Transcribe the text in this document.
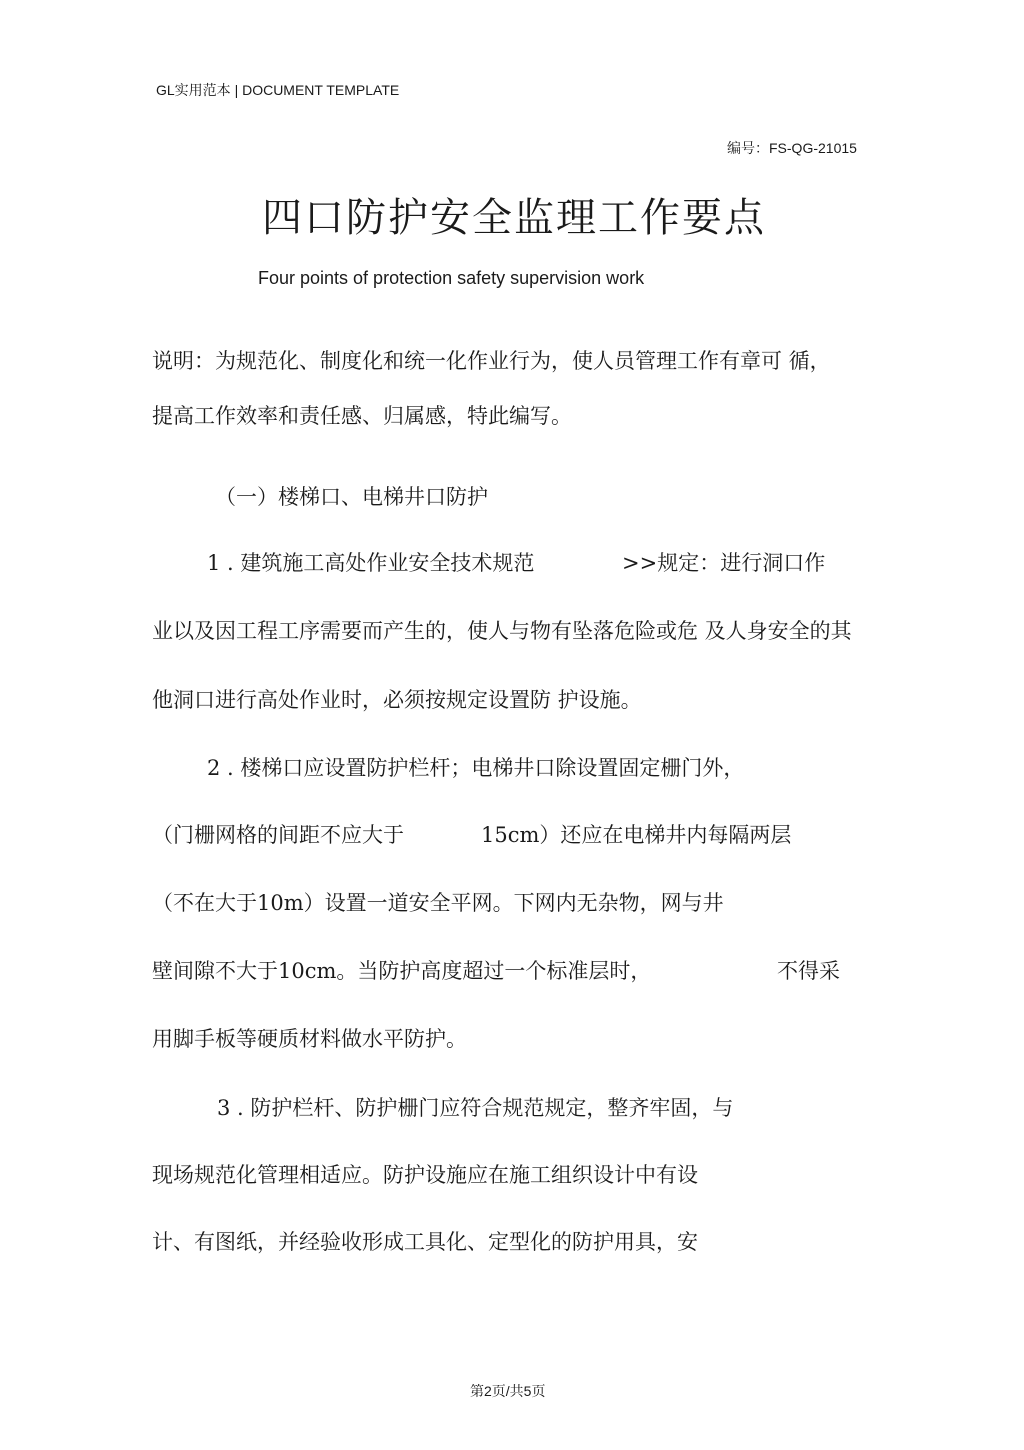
GL实用范本 | DOCUMENT TEMPLATE
编号：FS-QG-21015
四口防护安全监理工作要点
Four points of protection safety supervision work
说明：为规范化、制度化和统一化作业行为，使人员管理工作有章可 循，
提高工作效率和责任感、归属感，特此编写。
（一）楼梯口、电梯井口防护
1 . 建筑施工高处作业安全技术规范	>>规定：进行洞口作
业以及因工程工序需要而产生的，使人与物有坠落危险或危 及人身安全的其
他洞口进行高处作业时，必须按规定设置防 护设施。
2 . 楼梯口应设置防护栏杆；电梯井口除设置固定栅门外，
（门栅网格的间距不应大于	15cm）还应在电梯井内每隔两层
（不在大于10m）设置一道安全平网。下网内无杂物，网与井
壁间隙不大于10cm。当防护高度超过一个标准层时，	不得采
用脚手板等硬质材料做水平防护。
3 . 防护栏杆、防护栅门应符合规范规定，整齐牢固，与
现场规范化管理相适应。防护设施应在施工组织设计中有设
计、有图纸，并经验收形成工具化、定型化的防护用具，安
第2页/共5页
